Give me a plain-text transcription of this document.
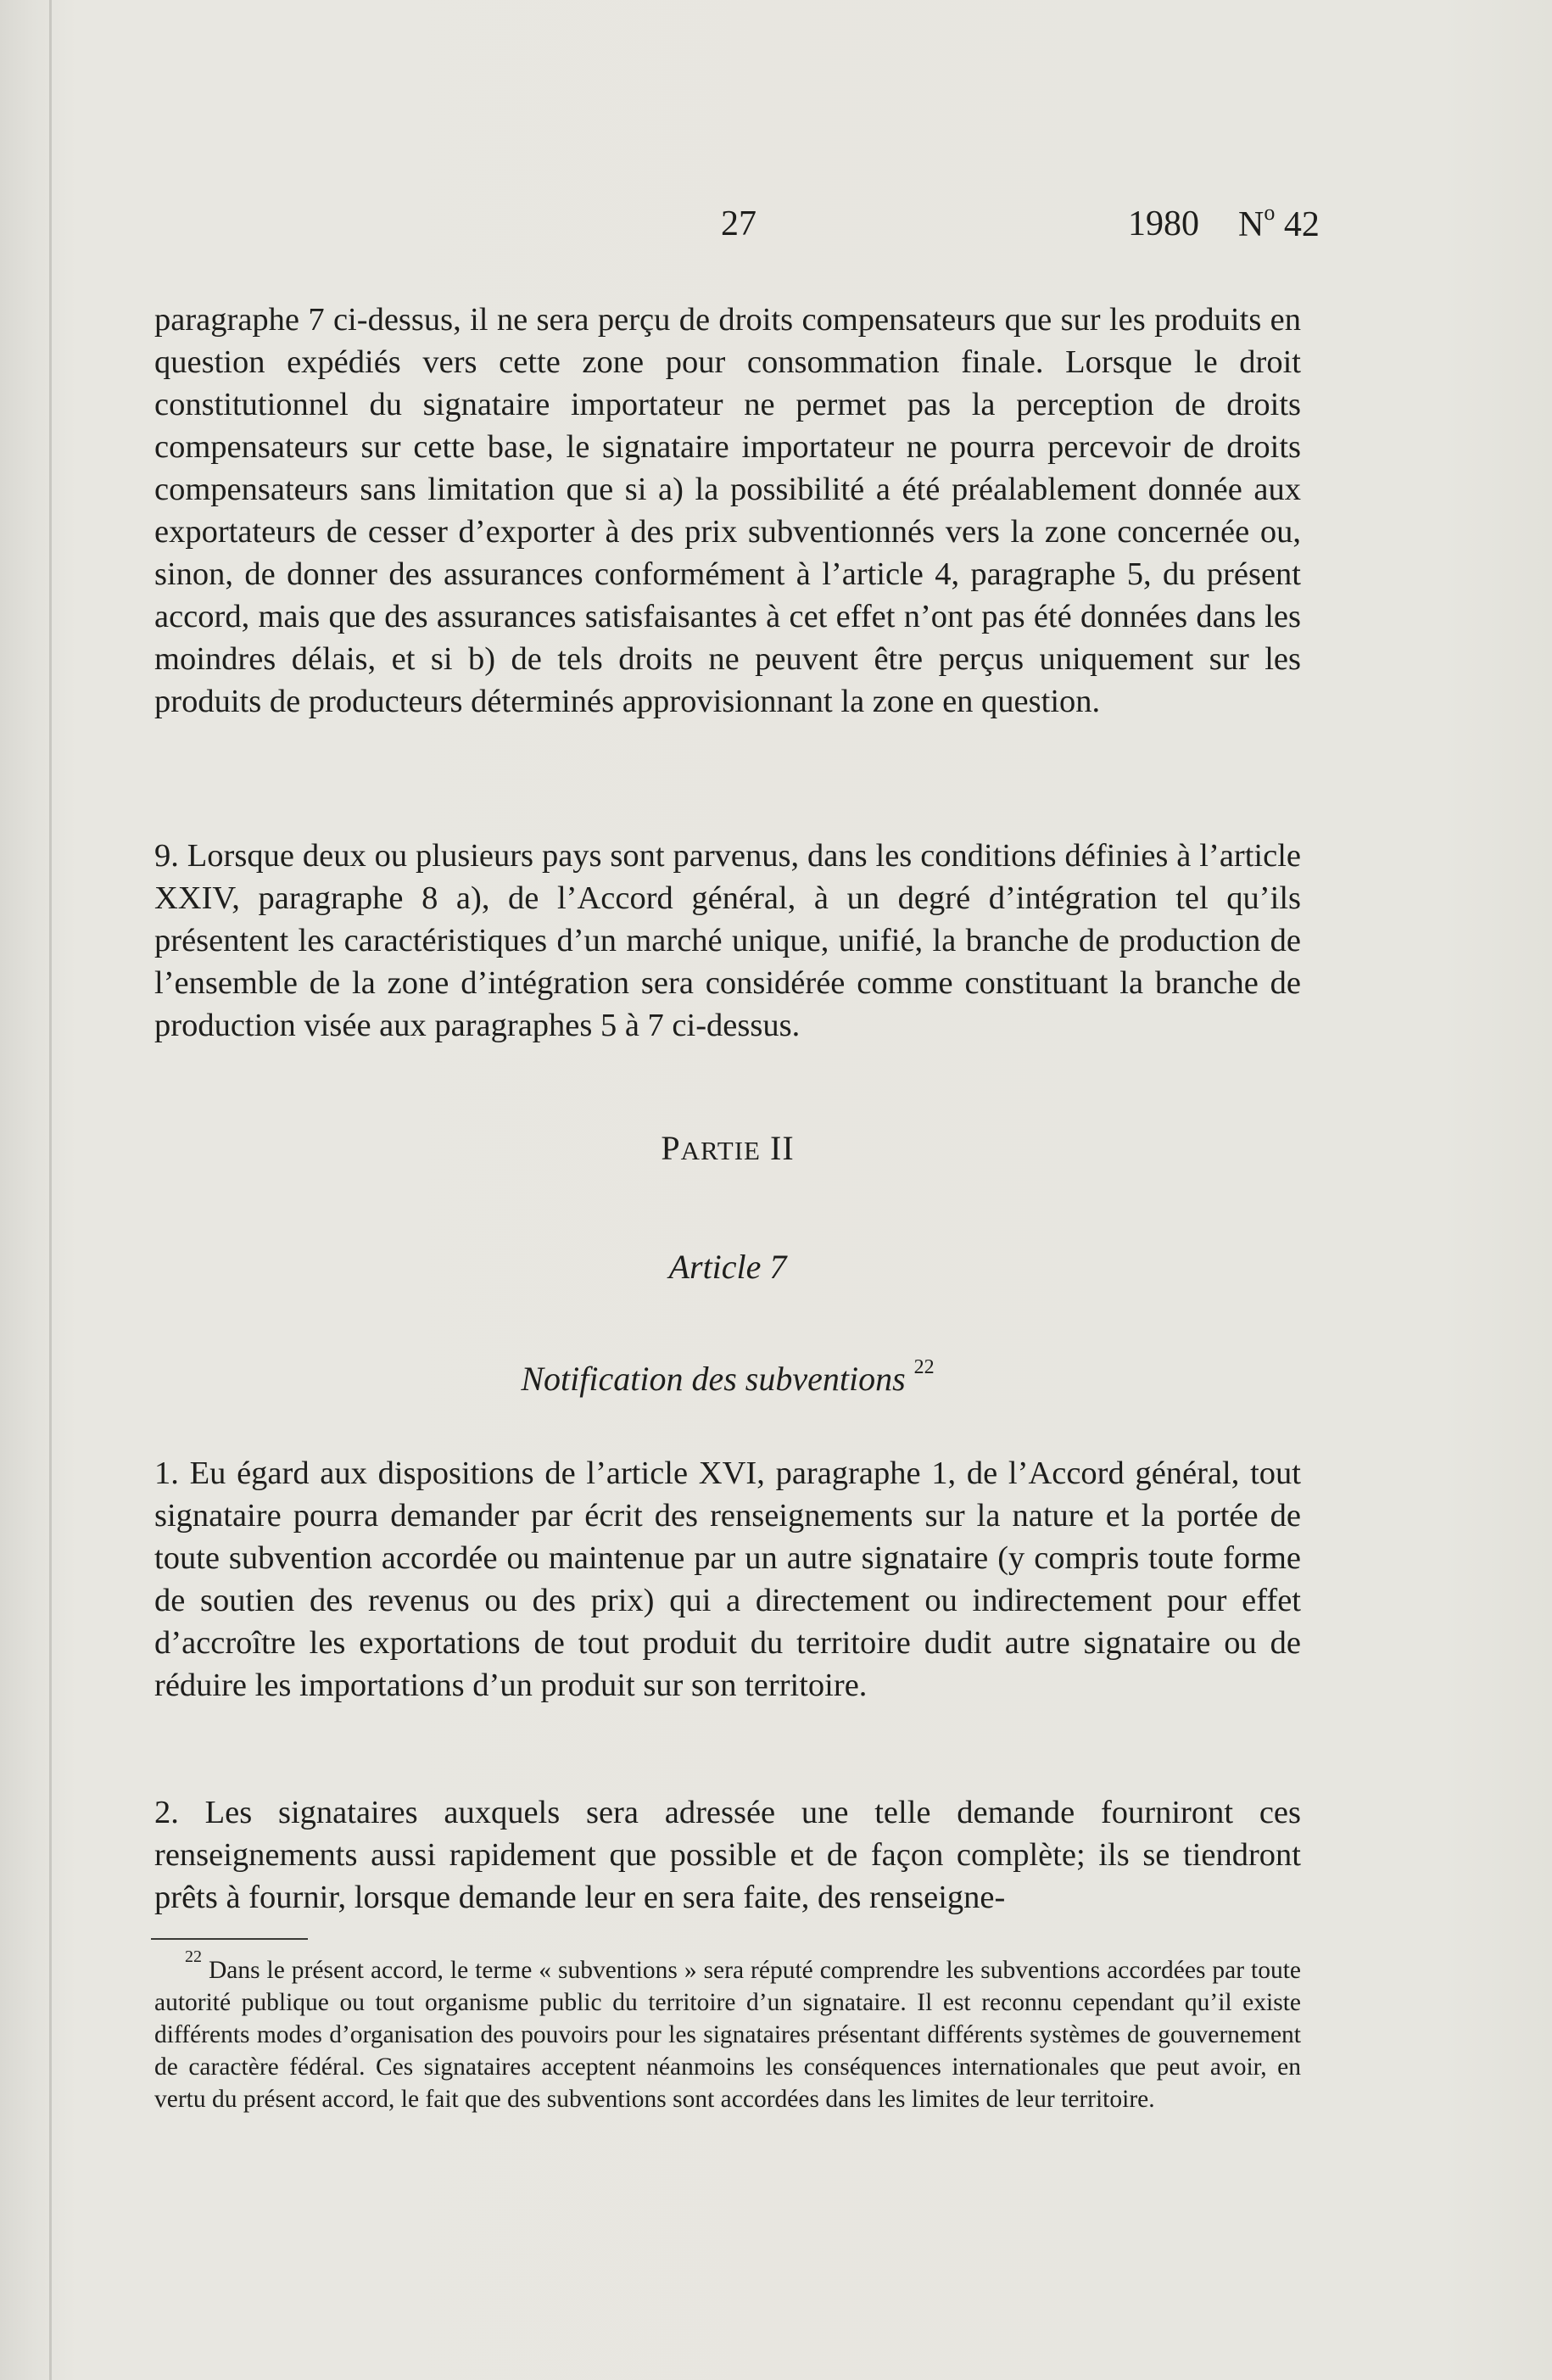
27	1980 $N^o$ 42

paragraphe 7 ci-dessus, il ne sera perçu de droits compensateurs que sur les produits en question expédiés vers cette zone pour consommation finale. Lorsque le droit constitutionnel du signataire importateur ne permet pas la perception de droits compensateurs sur cette base, le signataire importateur ne pourra percevoir de droits compensateurs sans limitation que si a) la possibilité a été préalablement donnée aux exportateurs de cesser d’exporter à des prix subventionnés vers la zone concernée ou, sinon, de donner des assurances conformément à l’article 4, paragraphe 5, du présent accord, mais que des assurances satisfaisantes à cet effet n’ont pas été données dans les moindres délais, et si b) de tels droits ne peuvent être perçus uniquement sur les produits de producteurs déterminés approvisionnant la zone en question.

9. Lorsque deux ou plusieurs pays sont parvenus, dans les conditions définies à l’article XXIV, paragraphe 8 a), de l’Accord général, à un degré d’intégration tel qu’ils présentent les caractéristiques d’un marché unique, unifié, la branche de production de l’ensemble de la zone d’intégration sera considérée comme constituant la branche de production visée aux paragraphes 5 à 7 ci-dessus.

PARTIE II
Article 7
Notification des subventions $^{22}$

1. Eu égard aux dispositions de l’article XVI, paragraphe 1, de l’Accord général, tout signataire pourra demander par écrit des renseignements sur la nature et la portée de toute subvention accordée ou maintenue par un autre signataire (y compris toute forme de soutien des revenus ou des prix) qui a directement ou indirectement pour effet d’accroître les exportations de tout produit du territoire dudit autre signataire ou de réduire les importations d’un produit sur son territoire.

2. Les signataires auxquels sera adressée une telle demande fourniront ces renseignements aussi rapidement que possible et de façon complète; ils se tiendront prêts à fournir, lorsque demande leur en sera faite, des renseigne-

$^{22}$ Dans le présent accord, le terme « subventions » sera réputé comprendre les subventions accordées par toute autorité publique ou tout organisme public du territoire d’un signataire. Il est reconnu cependant qu’il existe différents modes d’organisation des pouvoirs pour les signataires présentant différents systèmes de gouvernement de caractère fédéral. Ces signataires acceptent néanmoins les conséquences internationales que peut avoir, en vertu du présent accord, le fait que des subventions sont accordées dans les limites de leur territoire.
